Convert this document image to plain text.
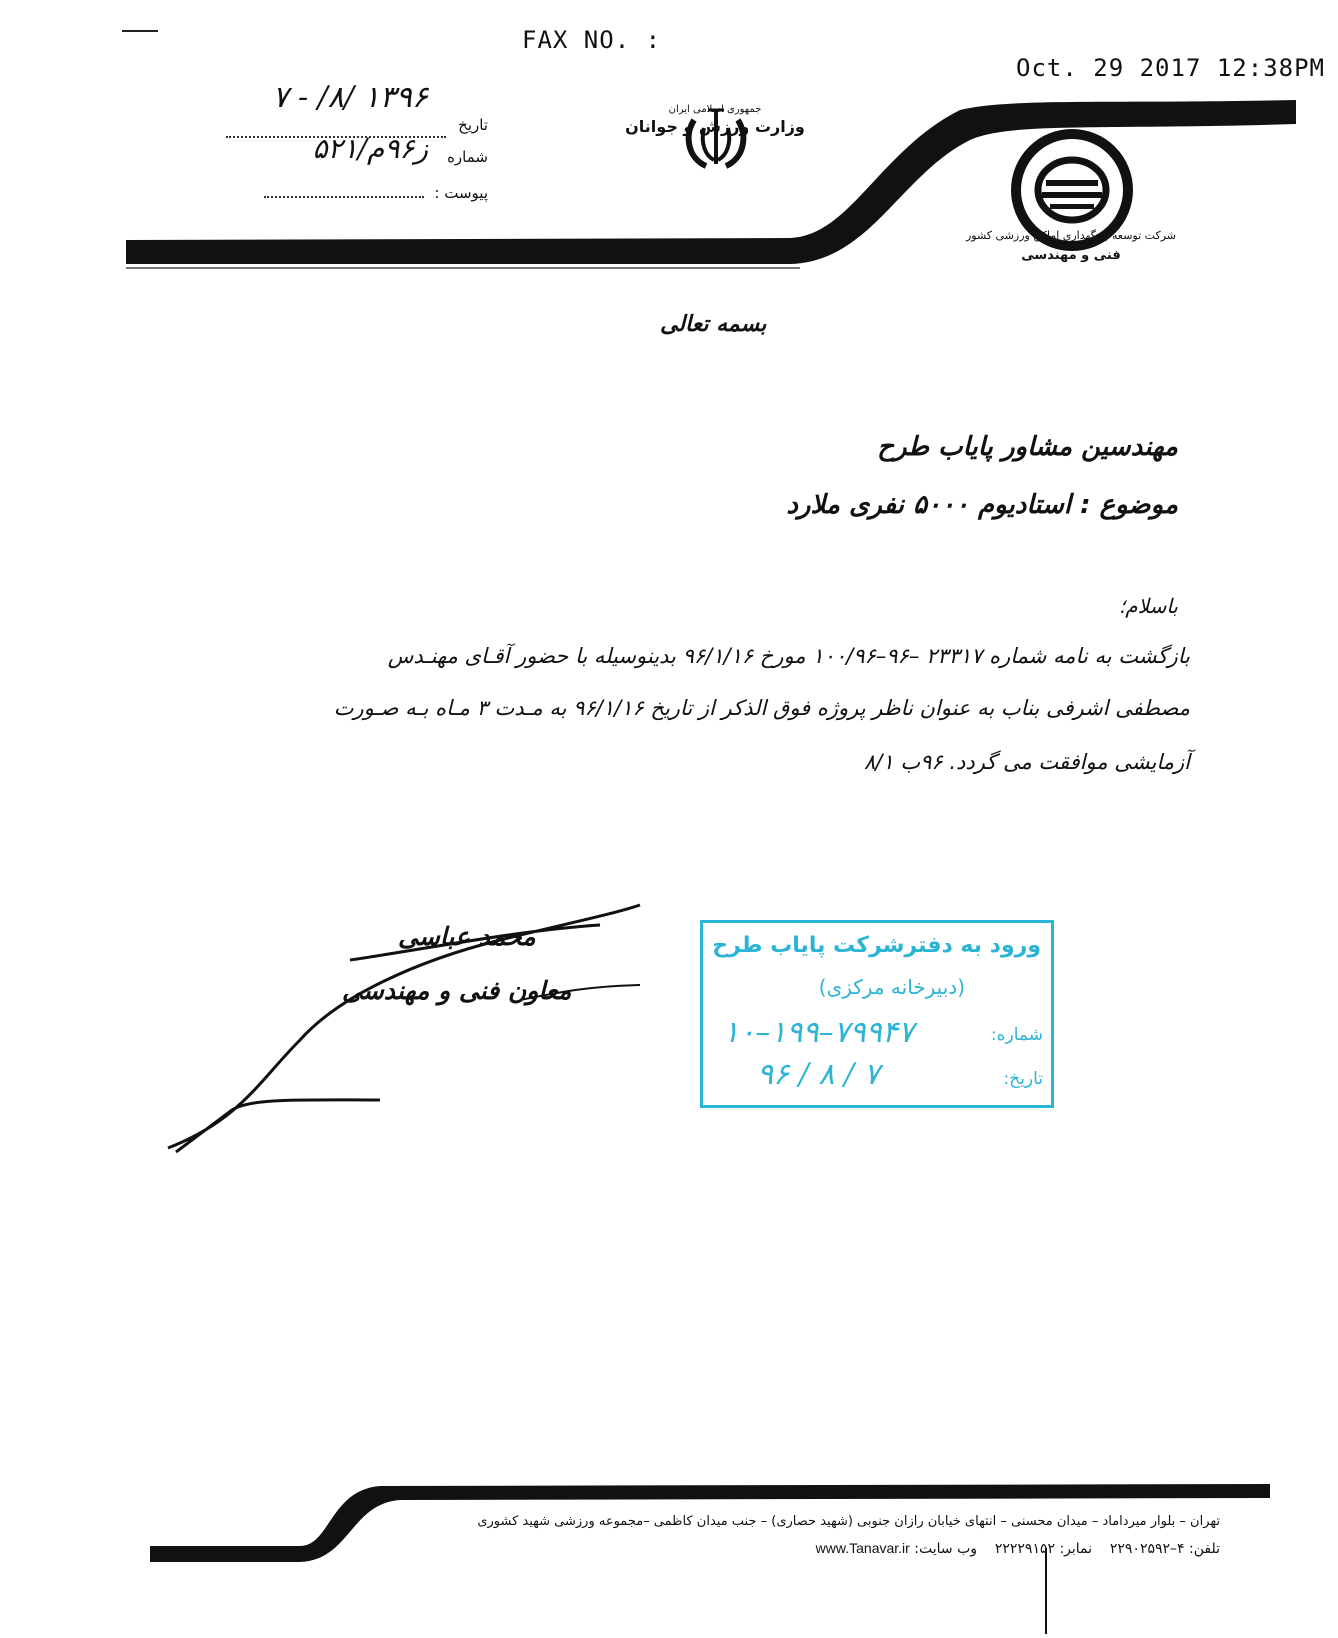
FAX NO. :
Oct. 29 2017 12:38PM
جمهوری اسلامی ایران
وزارت ورزش و جوانان
شرکت توسعه و نگهداری اماکن ورزشی کشور
فنی و مهندسی
تاریخ
۱۳۹۶ /۸/ - ۷
شماره
ز۹۶م/۵۲۱
پیوست :
بسمه تعالی
مهندسین مشاور پایاب طرح
موضوع : استادیوم ۵۰۰۰ نفری ملارد
باسلام؛
بازگشت به نامه شماره ۲۳۳۱۷ –۹۶–۱۰۰/۹۶ مورخ ۹۶/۱/۱۶ بدینوسیله با حضور آقـای مهنـدس
مصطفی اشرفی بناب به عنوان ناظر پروژه فوق الذکر از تاریخ ۹۶/۱/۱۶ به مـدت ۳ مـاه بـه صـورت
آزمایشی موافقت می گردد. ۹۶ب ۸/۱
محمد عباسی
معاون فنی و مهندسی
ورود به دفترشرکت پایاب طرح
(دبیرخانه مرکزی)
شماره:
۱۰–۱۹۹–۷۹۹۴۷
تاریخ:
۹۶ / ۸ / ۷
تهران – بلوار میرداماد – میدان محسنی – انتهای خیابان رازان جنوبی (شهید حصاری) – جنب میدان کاظمی –مجموعه ورزشی شهید کشوری
تلفن: ۴–۲۲۹۰۲۵۹۲    نمابر: ۲۲۲۲۹۱۵۲    وب سایت: www.Tanavar.ir
